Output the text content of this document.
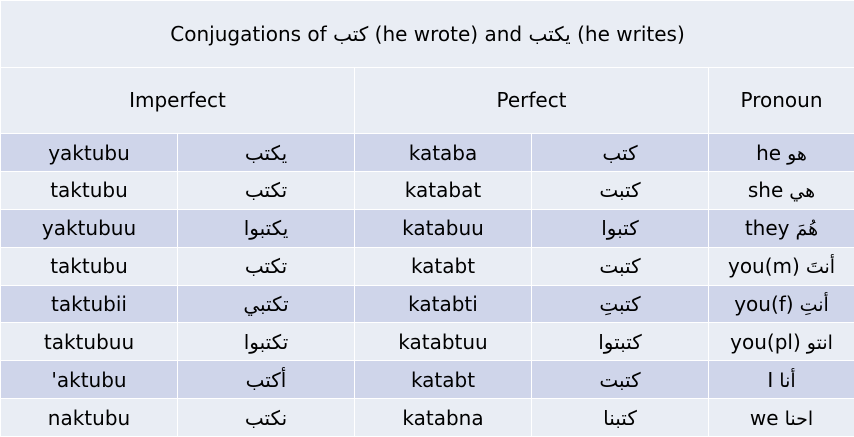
Conjugations of كتب (he wrote) and يكتب (he writes)				
Imperfect		Perfect		Pronoun
yaktubu	يكتب	kataba	كتب	he هو
taktubu	تكتب	katabat	كتبت	she هي
yaktubuu	يكتبوا	katabuu	كتبوا	they هُمَ
taktubu	تكتب	katabt	كتبت	you(m) أنتَ
taktubii	تكتبي	katabti	كتبتِ	you(f) أنتِ
taktubuu	تكتبوا	katabtuu	كتبتوا	you(pl) انتو
'aktubu	أكتب	katabt	كتبت	I أنا
naktubu	نكتب	katabna	كتبنا	we احنا
